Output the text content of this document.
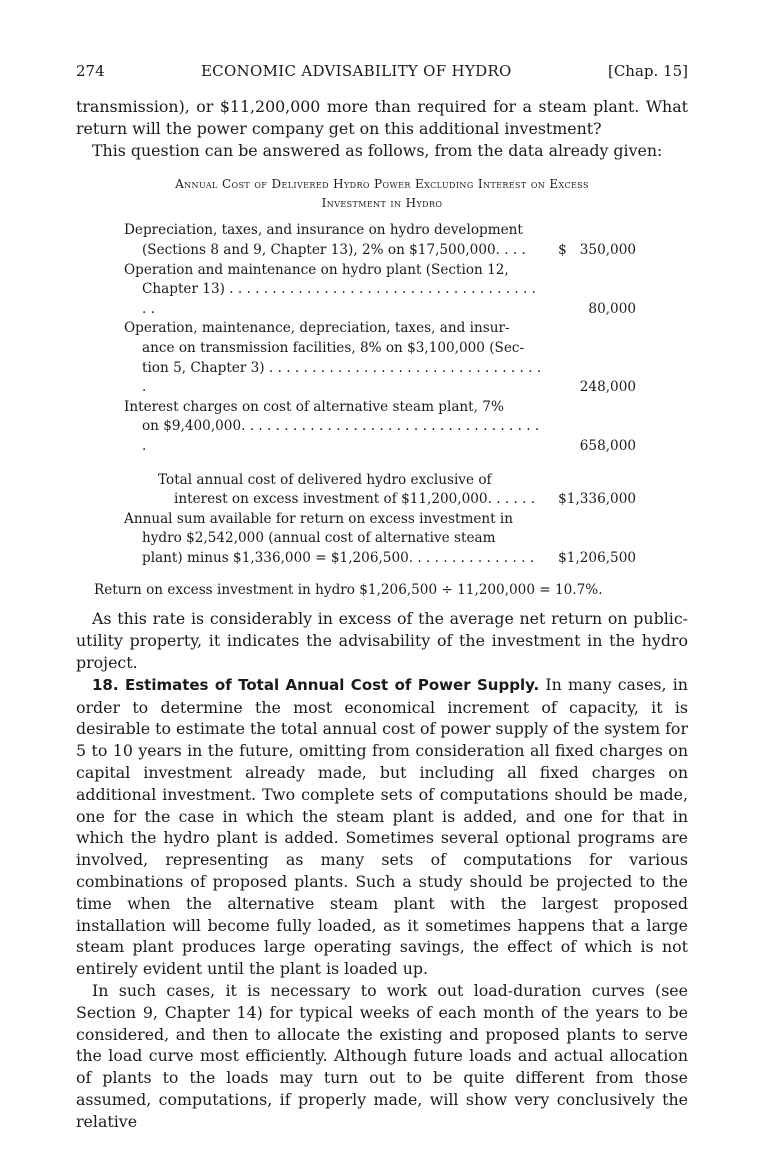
274	ECONOMIC ADVISABILITY OF HYDRO	[Chap. 15]

transmission), or $11,200,000 more than required for a steam plant. What return will the power company get on this additional investment?

This question can be answered as follows, from the data already given:

Annual Cost of Delivered Hydro Power Excluding Interest on Excess
Investment in Hydro
Depreciation, taxes, and insurance on hydro development
(Sections 8 and 9, Chapter 13), 2% on $17,500,000. . . .	$   350,000
Operation and maintenance on hydro plant (Section 12,
Chapter 13) . . . . . . . . . . . . . . . . . . . . . . . . . . . . . . . . . . . . . .	80,000
Operation, maintenance, depreciation, taxes, and insur-
ance on transmission facilities, 8% on $3,100,000 (Sec-
tion 5, Chapter 3) . . . . . . . . . . . . . . . . . . . . . . . . . . . . . . . . .	248,000
Interest charges on cost of alternative steam plant, 7%
on $9,400,000. . . . . . . . . . . . . . . . . . . . . . . . . . . . . . . . . . . .	658,000
Total annual cost of delivered hydro exclusive of
interest on excess investment of $11,200,000. . . . . .	$1,336,000
Annual sum available for return on excess investment in
hydro $2,542,000 (annual cost of alternative steam
plant) minus $1,336,000 = $1,206,500. . . . . . . . . . . . . . .	$1,206,500
Return on excess investment in hydro $1,206,500 ÷ 11,200,000 = 10.7%.

As this rate is considerably in excess of the average net return on public-utility property, it indicates the advisability of the investment in the hydro project.

18. Estimates of Total Annual Cost of Power Supply. In many cases, in order to determine the most economical increment of capacity, it is desirable to estimate the total annual cost of power supply of the system for 5 to 10 years in the future, omitting from consideration all fixed charges on capital investment already made, but including all fixed charges on additional investment. Two complete sets of computations should be made, one for the case in which the steam plant is added, and one for that in which the hydro plant is added. Sometimes several optional programs are involved, representing as many sets of computations for various combinations of proposed plants. Such a study should be projected to the time when the alternative steam plant with the largest proposed installation will become fully loaded, as it sometimes happens that a large steam plant produces large operating savings, the effect of which is not entirely evident until the plant is loaded up.

In such cases, it is necessary to work out load-duration curves (see Section 9, Chapter 14) for typical weeks of each month of the years to be considered, and then to allocate the existing and proposed plants to serve the load curve most efficiently. Although future loads and actual allocation of plants to the loads may turn out to be quite different from those assumed, computations, if properly made, will show very conclusively the relative
